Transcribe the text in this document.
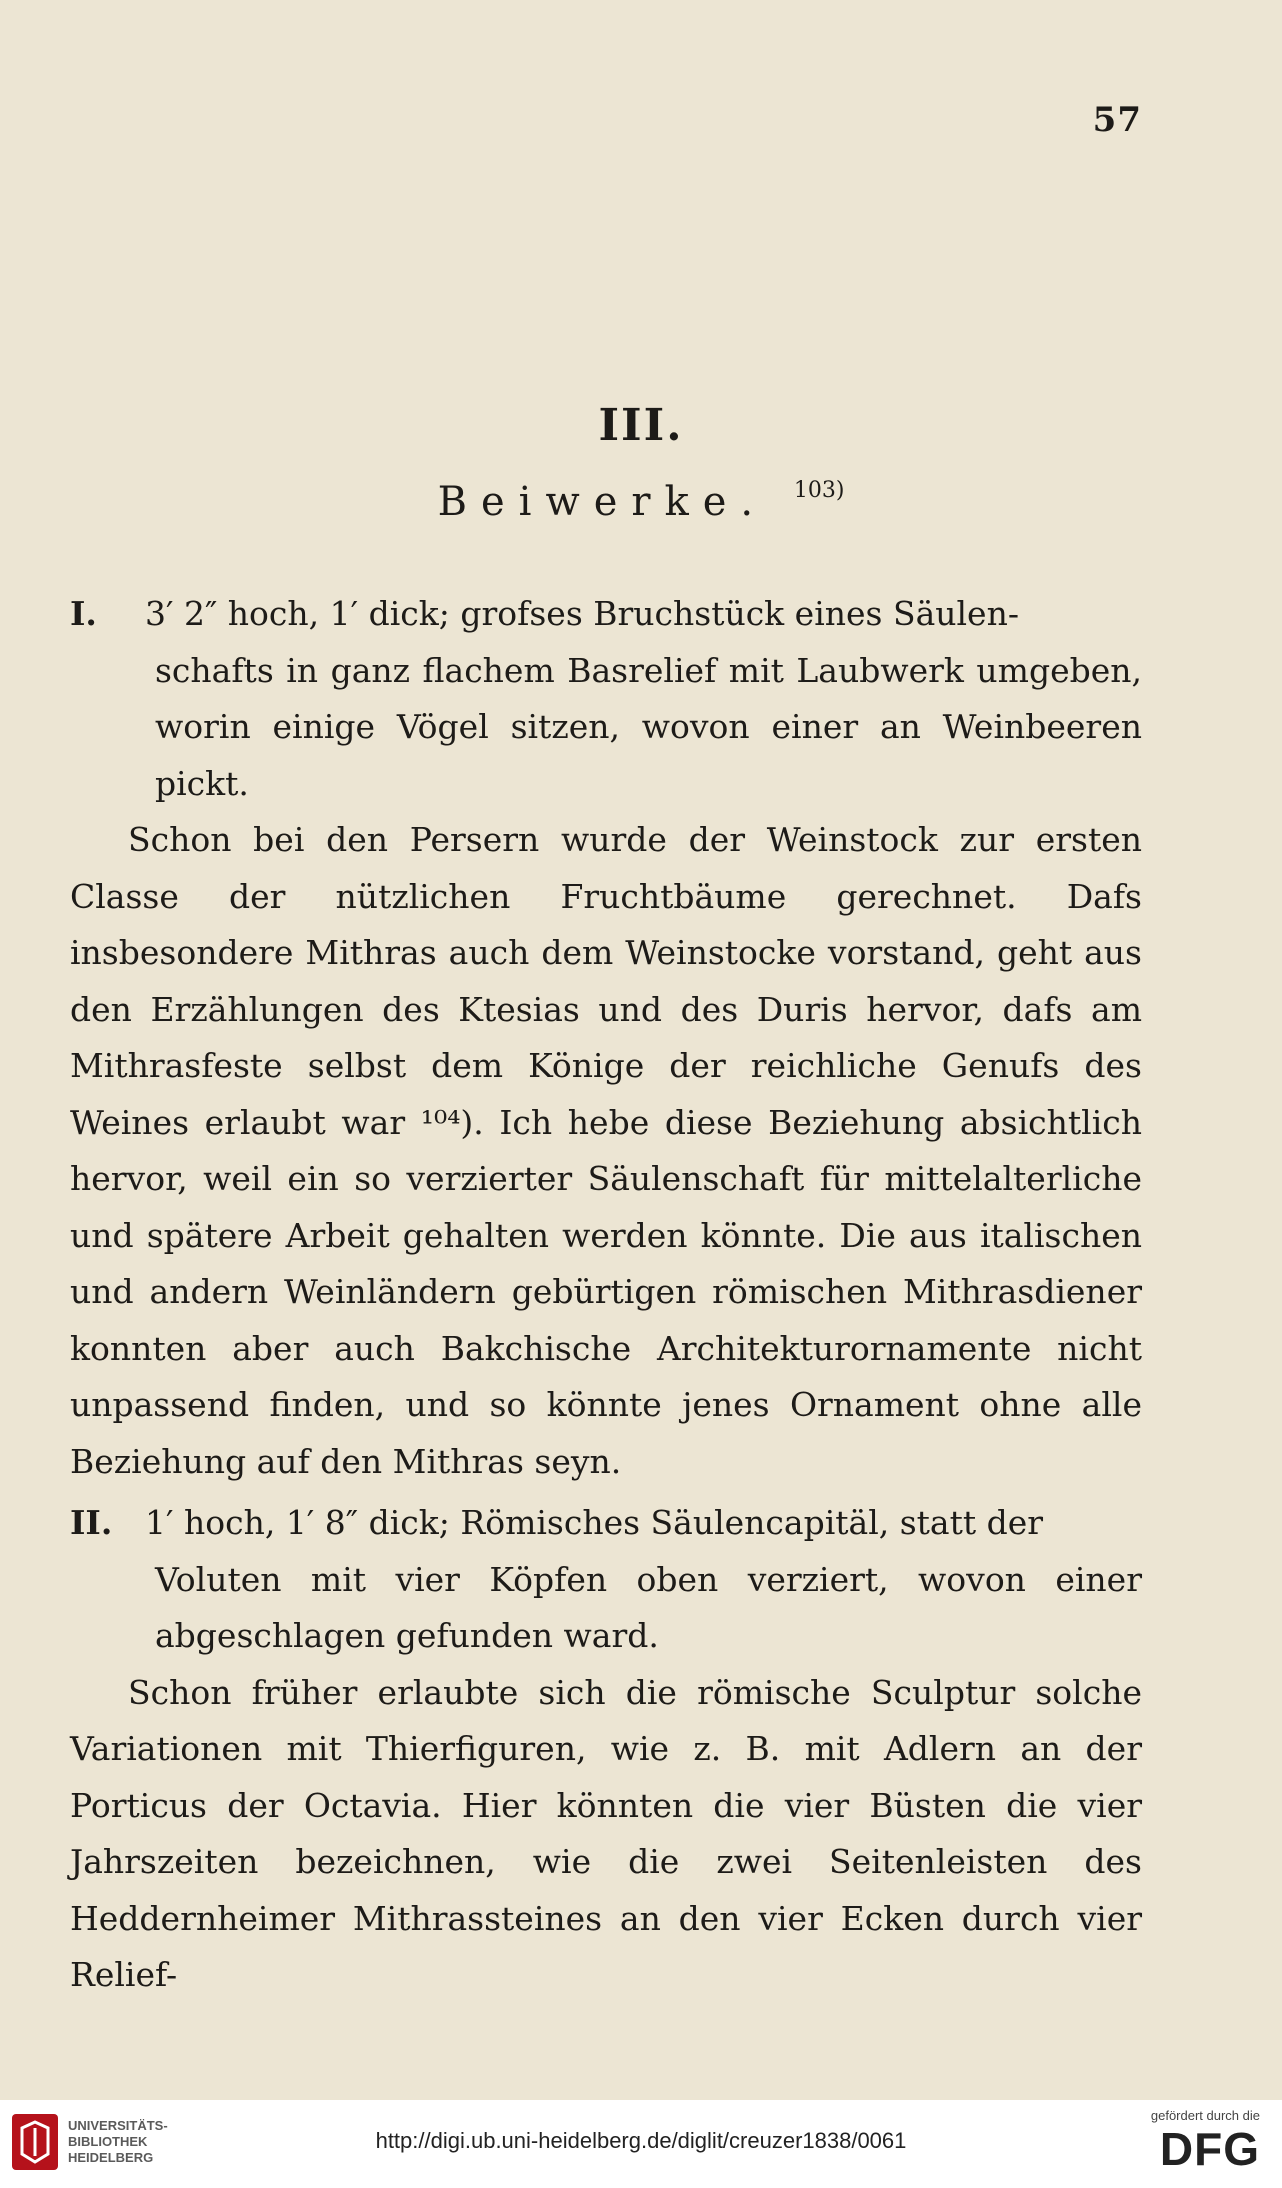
57
III.
Beiwerke. $^{103)}$

I. 3′ 2″ hoch, 1′ dick; grofses Bruchstück eines Säulen-

schafts in ganz flachem Basrelief mit Laubwerk umgeben, worin einige Vögel sitzen, wovon einer an Weinbeeren pickt.

Schon bei den Persern wurde der Weinstock zur ersten Classe der nützlichen Fruchtbäume gerechnet. Dafs insbesondere Mithras auch dem Weinstocke vorstand, geht aus den Erzählungen des Ktesias und des Duris hervor, dafs am Mithrasfeste selbst dem Könige der reichliche Genufs des Weines erlaubt war ¹⁰⁴). Ich hebe diese Beziehung absichtlich hervor, weil ein so verzierter Säulenschaft für mittelalterliche und spätere Arbeit gehalten werden könnte. Die aus italischen und andern Weinländern gebürtigen römischen Mithrasdiener konnten aber auch Bakchische Architekturornamente nicht unpassend finden, und so könnte jenes Ornament ohne alle Beziehung auf den Mithras seyn.

II. 1′ hoch, 1′ 8″ dick; Römisches Säulencapitäl, statt der

Voluten mit vier Köpfen oben verziert, wovon einer abgeschlagen gefunden ward.

Schon früher erlaubte sich die römische Sculptur solche Variationen mit Thierfiguren, wie z. B. mit Adlern an der Porticus der Octavia. Hier könnten die vier Büsten die vier Jahrszeiten bezeichnen, wie die zwei Seitenleisten des Heddernheimer Mithrassteines an den vier Ecken durch vier Relief-

UNIVERSITÄTS-
BIBLIOTHEK
HEIDELBERG
http://digi.ub.uni-heidelberg.de/diglit/creuzer1838/0061
gefördert durch die
DFG
